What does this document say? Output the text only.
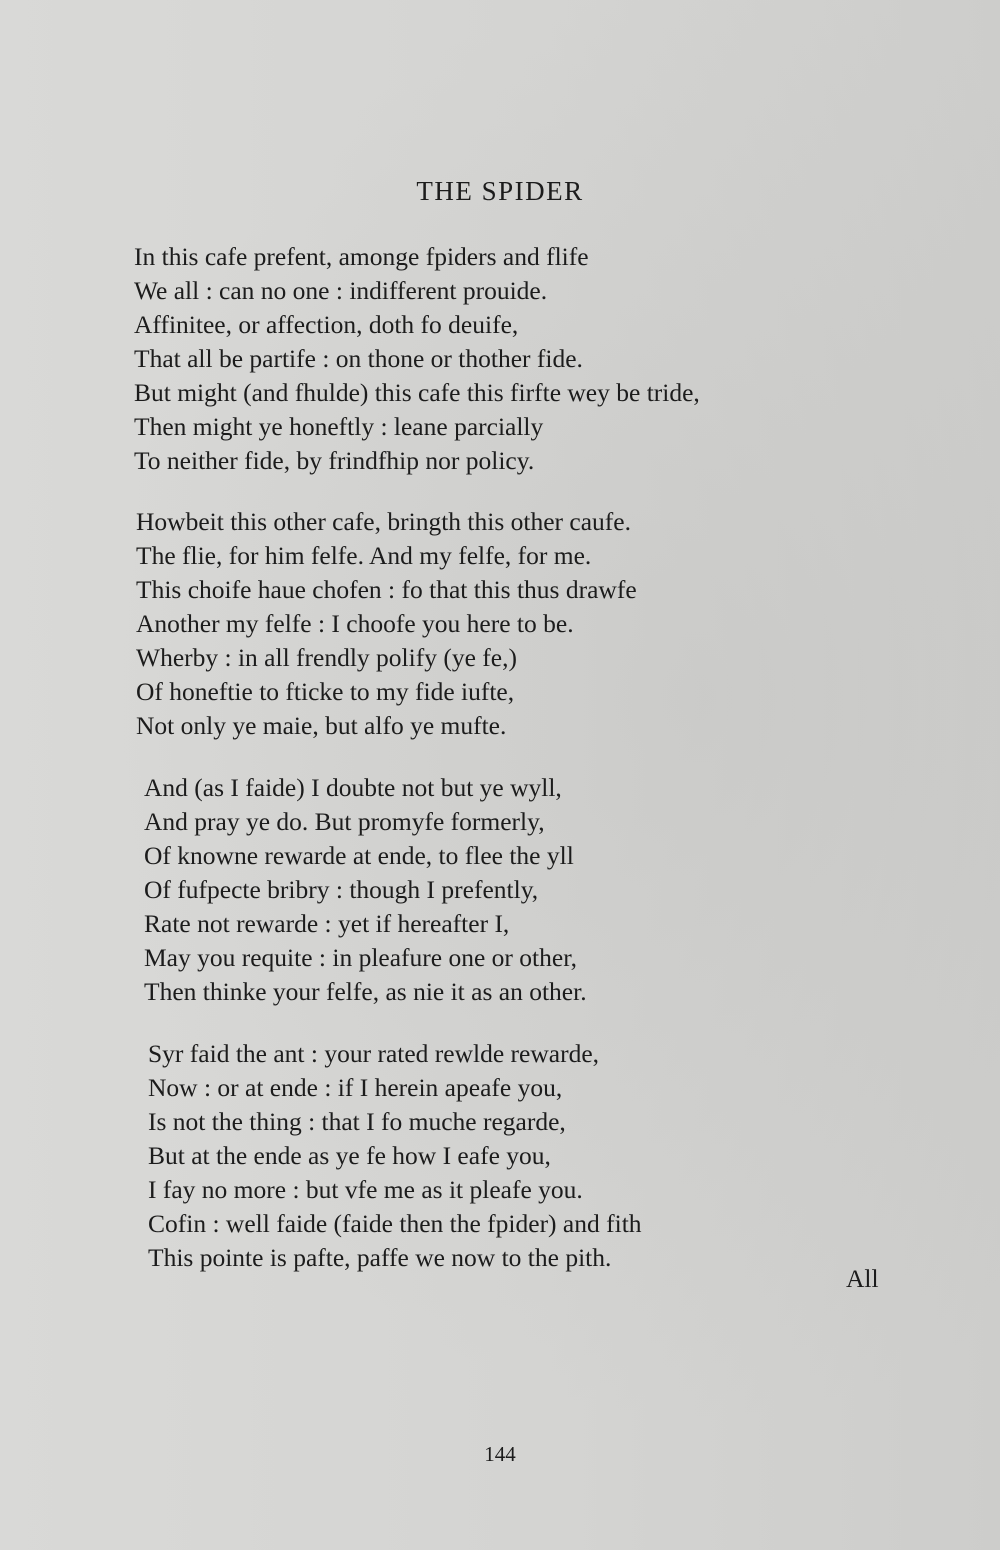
THE SPIDER
In this cafe prefent, amonge fpiders and flife
We all : can no one : indifferent prouide.
Affinitee, or affection, doth fo deuife,
That all be partife : on thone or thother fide.
But might (and fhulde) this cafe this firfte wey be tride,
Then might ye honeftly : leane parcially
To neither fide, by frindfhip nor policy.
Howbeit this other cafe, bringth this other caufe.
The flie, for him felfe. And my felfe, for me.
This choife haue chofen : fo that this thus drawfe
Another my felfe : I choofe you here to be.
Wherby : in all frendly polify (ye fe,)
Of honeftie to fticke to my fide iufte,
Not only ye maie, but alfo ye mufte.
And (as I faide) I doubte not but ye wyll,
And pray ye do. But promyfe formerly,
Of knowne rewarde at ende, to flee the yll
Of fufpecte bribry : though I prefently,
Rate not rewarde : yet if hereafter I,
May you requite : in pleafure one or other,
Then thinke your felfe, as nie it as an other.
Syr faid the ant : your rated rewlde rewarde,
Now : or at ende : if I herein apeafe you,
Is not the thing : that I fo muche regarde,
But at the ende as ye fe how I eafe you,
I fay no more : but vfe me as it pleafe you.
Cofin : well faide (faide then the fpider) and fith
This pointe is pafte, paffe we now to the pith.
All
144
